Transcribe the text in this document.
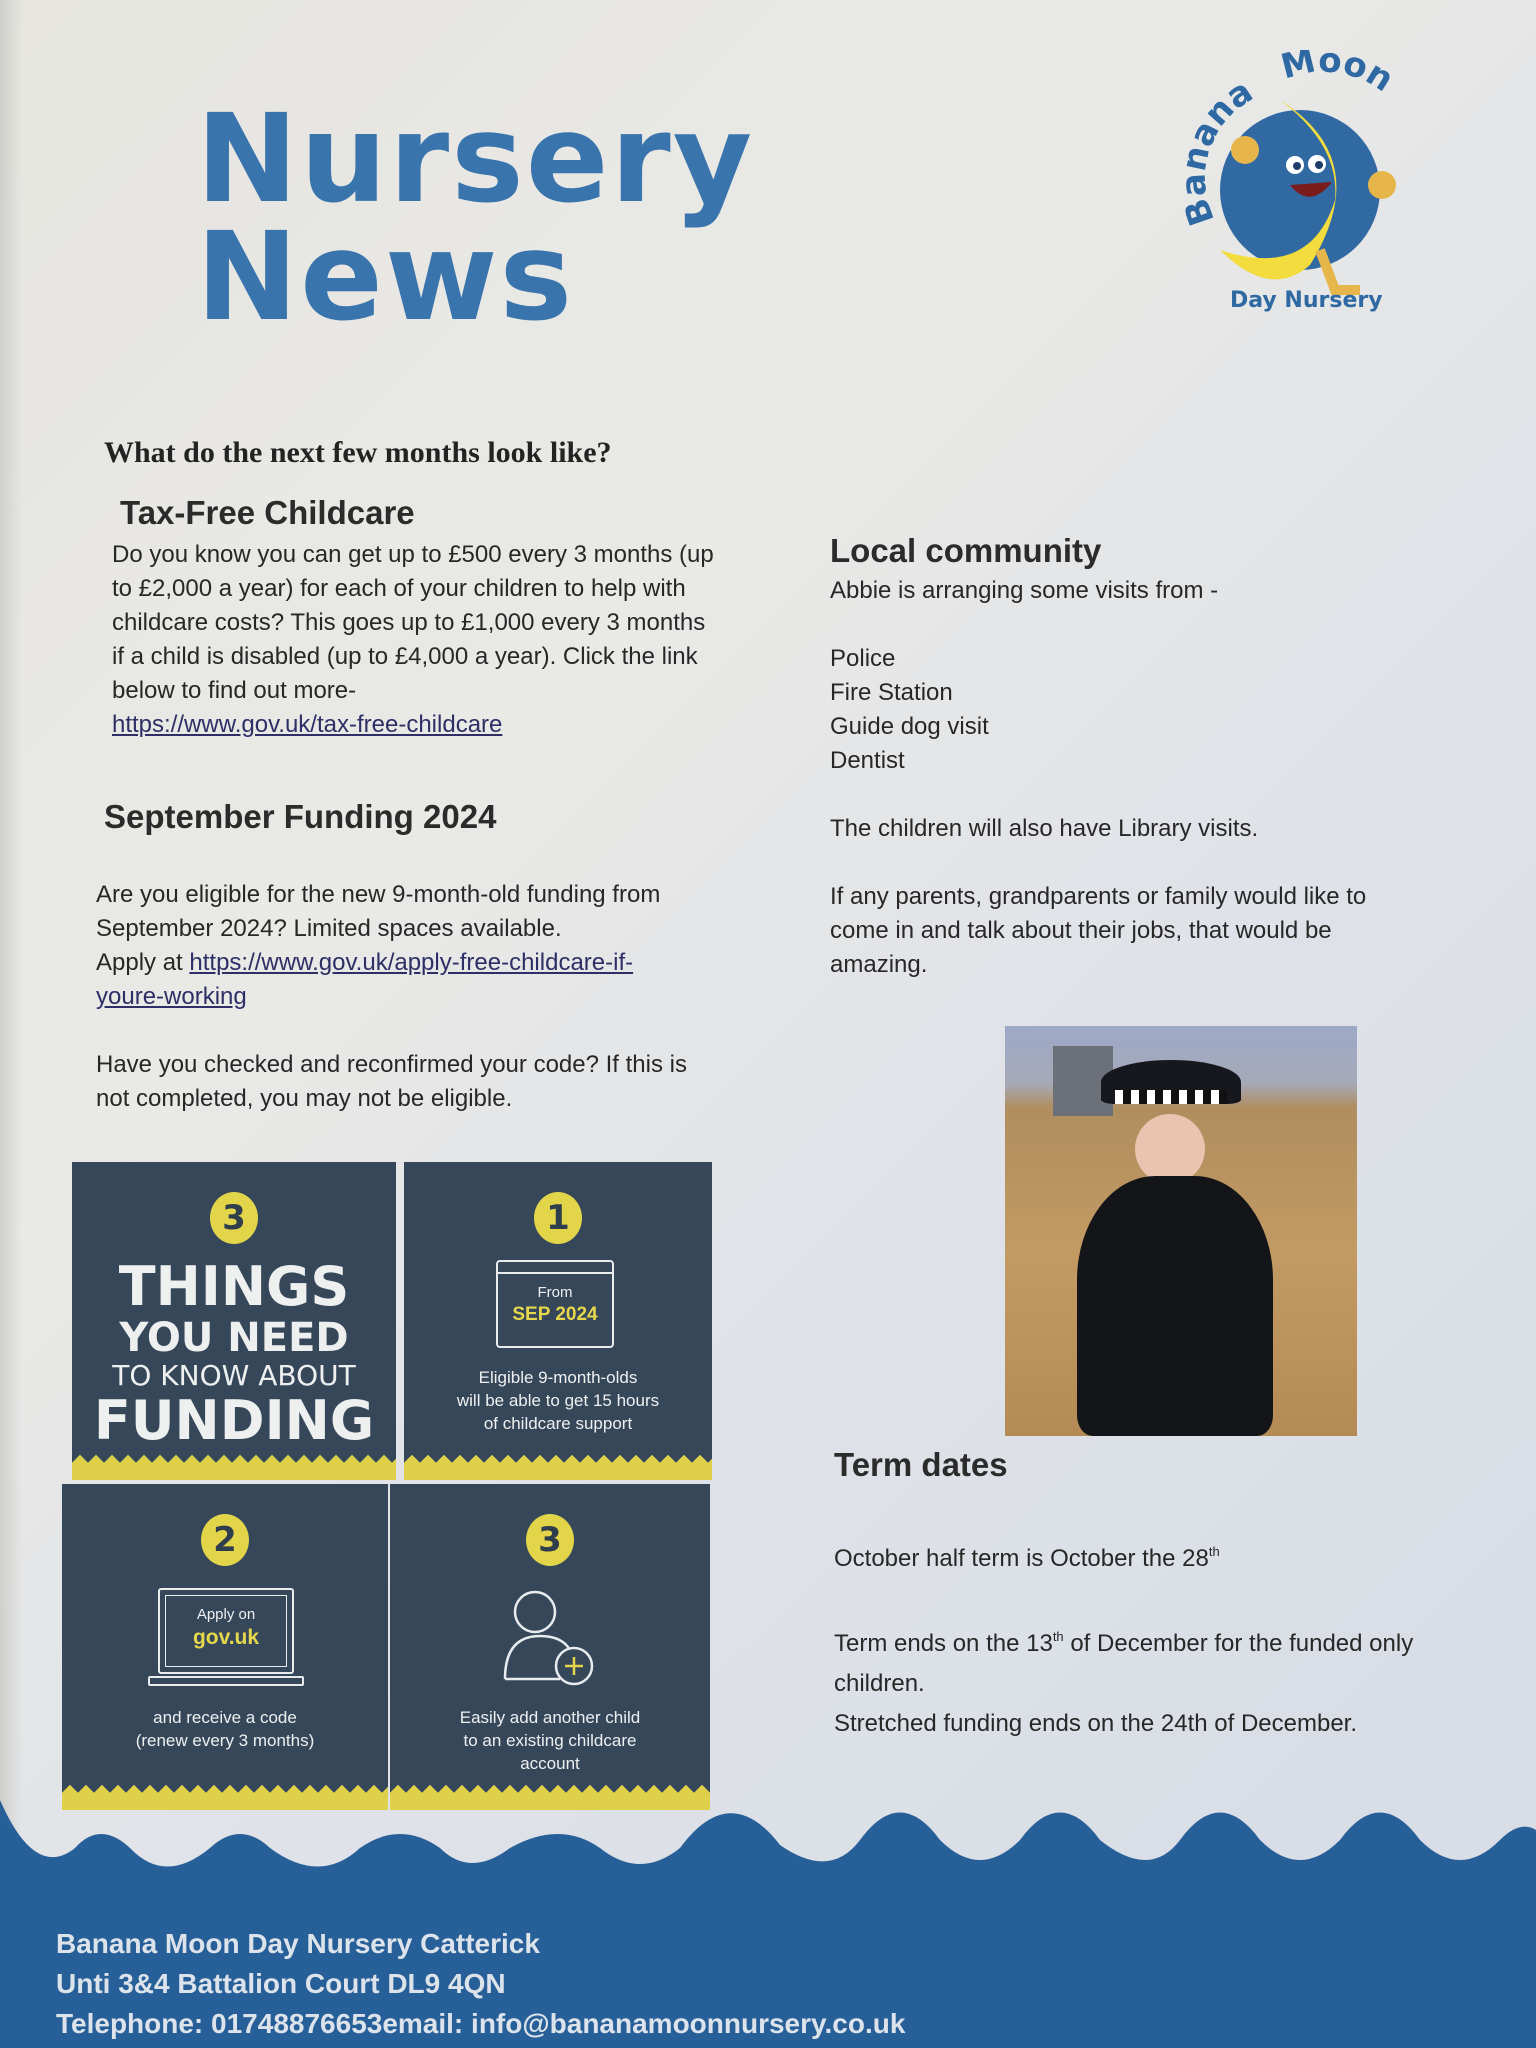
Nursery
News	Banana
Moon
Day Nursery
What do the next few months look like?
Tax-Free Childcare
Do you know you can get up to £500 every 3 months (up
to £2,000 a year) for each of your children to help with
childcare costs? This goes up to £1,000 every 3 months
if a child is disabled (up to £4,000 a year). Click the link
below to find out more-
https://www.gov.uk/tax-free-childcare
September Funding 2024
Are you eligible for the new 9-month-old funding from
September 2024? Limited spaces available.
Apply at https://www.gov.uk/apply-free-childcare-if-
youre-working
Have you checked and reconfirmed your code? If this is
not completed, you may not be eligible.
3
THINGS
YOU NEED
TO KNOW ABOUT
FUNDING
1
From
SEP 2024
Eligible 9-month-olds
will be able to get 15 hours
of childcare support
2
Apply on
gov.uk
and receive a code
(renew every 3 months)
3
Easily add another child
to an existing childcare
account
Local community
Abbie is arranging some visits from -
Police
Fire Station
Guide dog visit
Dentist
The children will also have Library visits.
If any parents, grandparents or family would like to
come in and talk about their jobs, that would be
amazing.
Term dates
October half term is October the 28th
Term ends on the 13th of December for the funded only
children.
Stretched funding ends on the 24th of December.
Banana Moon Day Nursery Catterick
Unti 3&4 Battalion Court DL9 4QN
Telephone: 01748876653email: info@bananamoonnursery.co.uk
